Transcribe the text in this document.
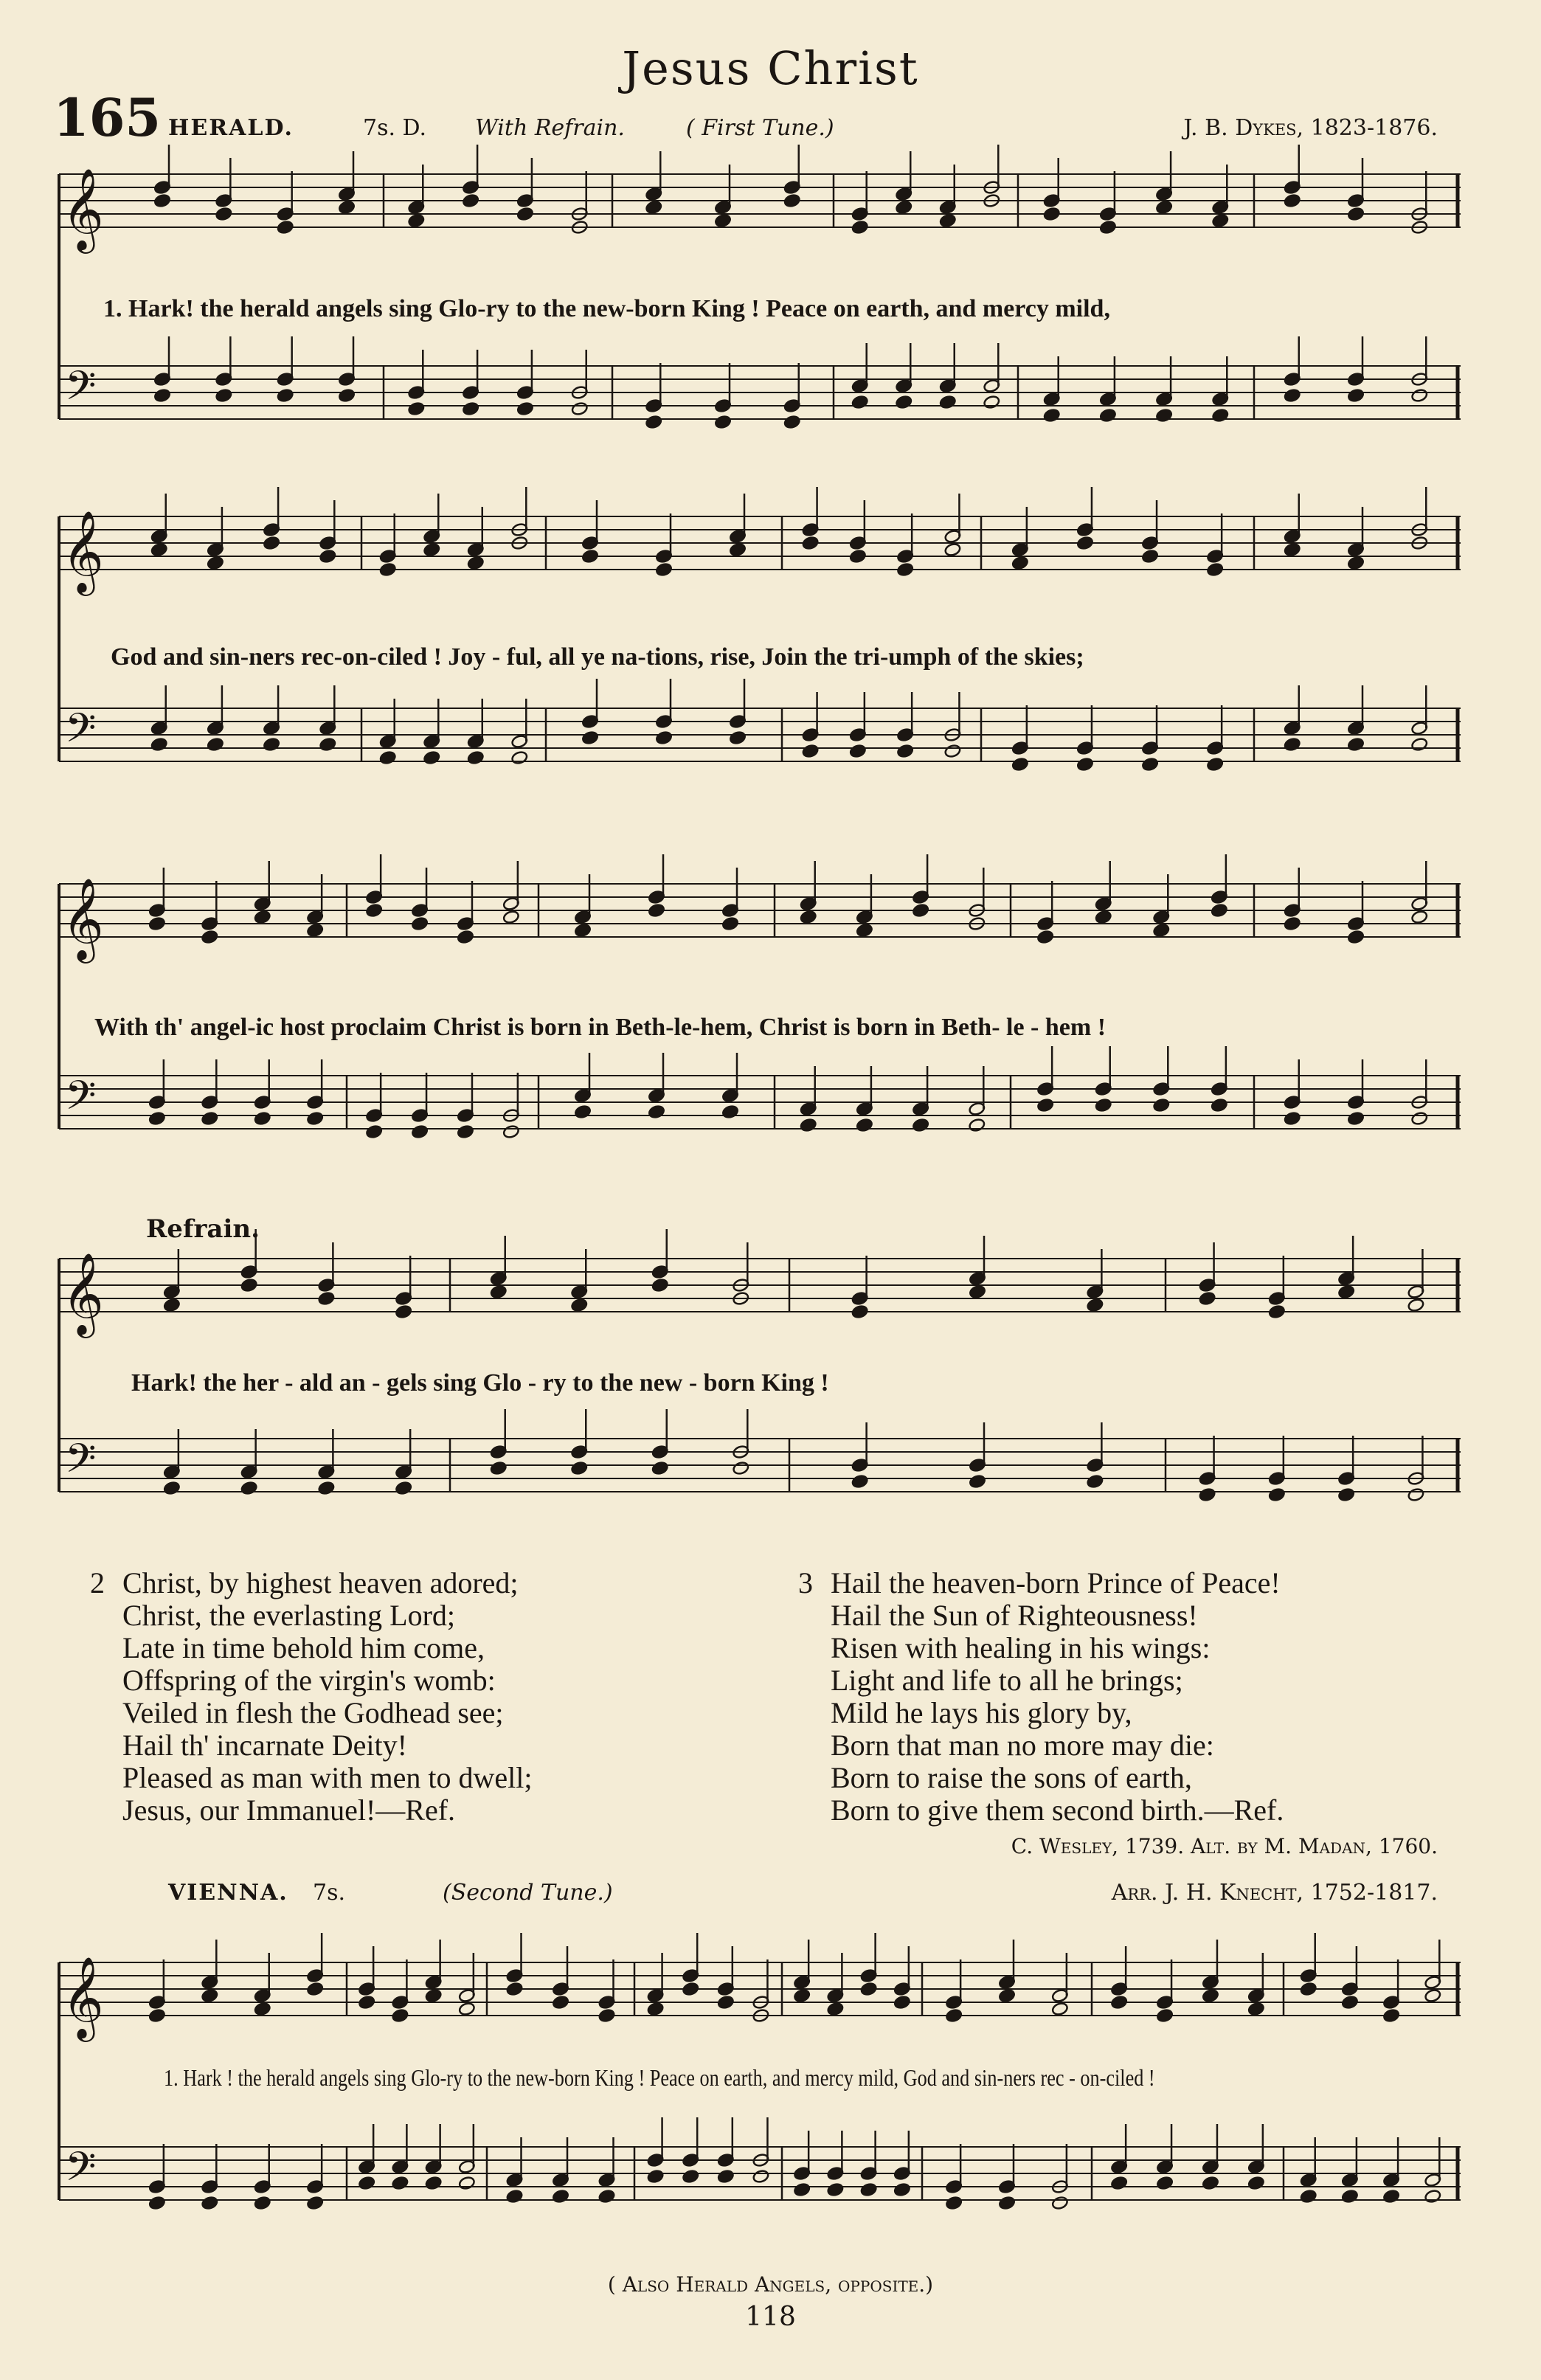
Jesus Christ
165 HERALD.	7s. D. With Refrain.	( First Tune.)	J. B. Dykes, 1823-1876.
𝄞
𝄢
𝄞
𝄢
𝄞
𝄢
𝄞
𝄢
𝄞
𝄢
1. Hark! the herald angels sing Glo-ry to the new-born King ! Peace on earth, and mercy mild,
God and sin-ners rec-on-ciled ! Joy - ful, all ye na-tions, rise, Join the tri-umph of the skies;
With th' angel-ic host proclaim Christ is born in Beth-le-hem, Christ is born in Beth- le - hem !
Refrain.
Hark! the her - ald an - gels sing Glo - ry to the new - born King !
2 Christ, by highest heaven adored;
Christ, the everlasting Lord;
Late in time behold him come,
Offspring of the virgin's womb:
Veiled in flesh the Godhead see;
Hail th' incarnate Deity!
Pleased as man with men to dwell;
Jesus, our Immanuel!—Ref.
3 Hail the heaven-born Prince of Peace!
Hail the Sun of Righteousness!
Risen with healing in his wings:
Light and life to all he brings;
Mild he lays his glory by,
Born that man no more may die:
Born to raise the sons of earth,
Born to give them second birth.—Ref.
C. Wesley, 1739. Alt. by M. Madan, 1760.
VIENNA. 7s.	(Second Tune.)	Arr. J. H. Knecht, 1752-1817.
1. Hark ! the herald angels sing Glo-ry to the new-born King ! Peace on earth, and mercy mild, God and sin-ners rec - on-ciled !
( Also Herald Angels, opposite.)
118
